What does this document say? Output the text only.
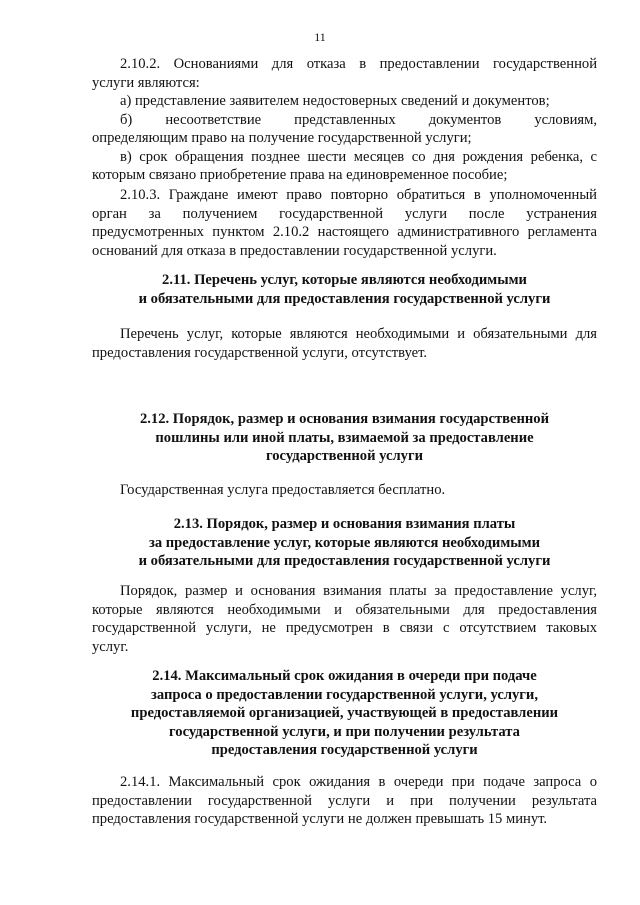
11
2.10.2. Основаниями для отказа в предоставлении государственной
услуги являются:
а) представление заявителем недостоверных сведений и документов;
б) несоответствие представленных документов условиям,
определяющим право на получение государственной услуги;
в) срок обращения позднее шести месяцев со дня рождения ребенка, с
которым связано приобретение права на единовременное пособие;
2.10.3. Граждане имеют право повторно обратиться в уполномоченный
орган за получением государственной услуги после устранения
предусмотренных пунктом 2.10.2 настоящего административного регламента
оснований для отказа в предоставлении государственной услуги.
2.11. Перечень услуг, которые являются необходимыми
и обязательными для предоставления государственной услуги
Перечень услуг, которые являются необходимыми и обязательными для
предоставления государственной услуги, отсутствует.
2.12. Порядок, размер и основания взимания государственной
пошлины или иной платы, взимаемой за предоставление
государственной услуги
Государственная услуга предоставляется бесплатно.
2.13. Порядок, размер и основания взимания платы
за предоставление услуг, которые являются необходимыми
и обязательными для предоставления государственной услуги
Порядок, размер и основания взимания платы за предоставление услуг,
которые являются необходимыми и обязательными для предоставления
государственной услуги, не предусмотрен в связи с отсутствием таковых
услуг.
2.14. Максимальный срок ожидания в очереди при подаче
запроса о предоставлении государственной услуги, услуги,
предоставляемой организацией, участвующей в предоставлении
государственной услуги, и при получении результата
предоставления государственной услуги
2.14.1. Максимальный срок ожидания в очереди при подаче запроса о
предоставлении государственной услуги и при получении результата
предоставления государственной услуги не должен превышать 15 минут.
